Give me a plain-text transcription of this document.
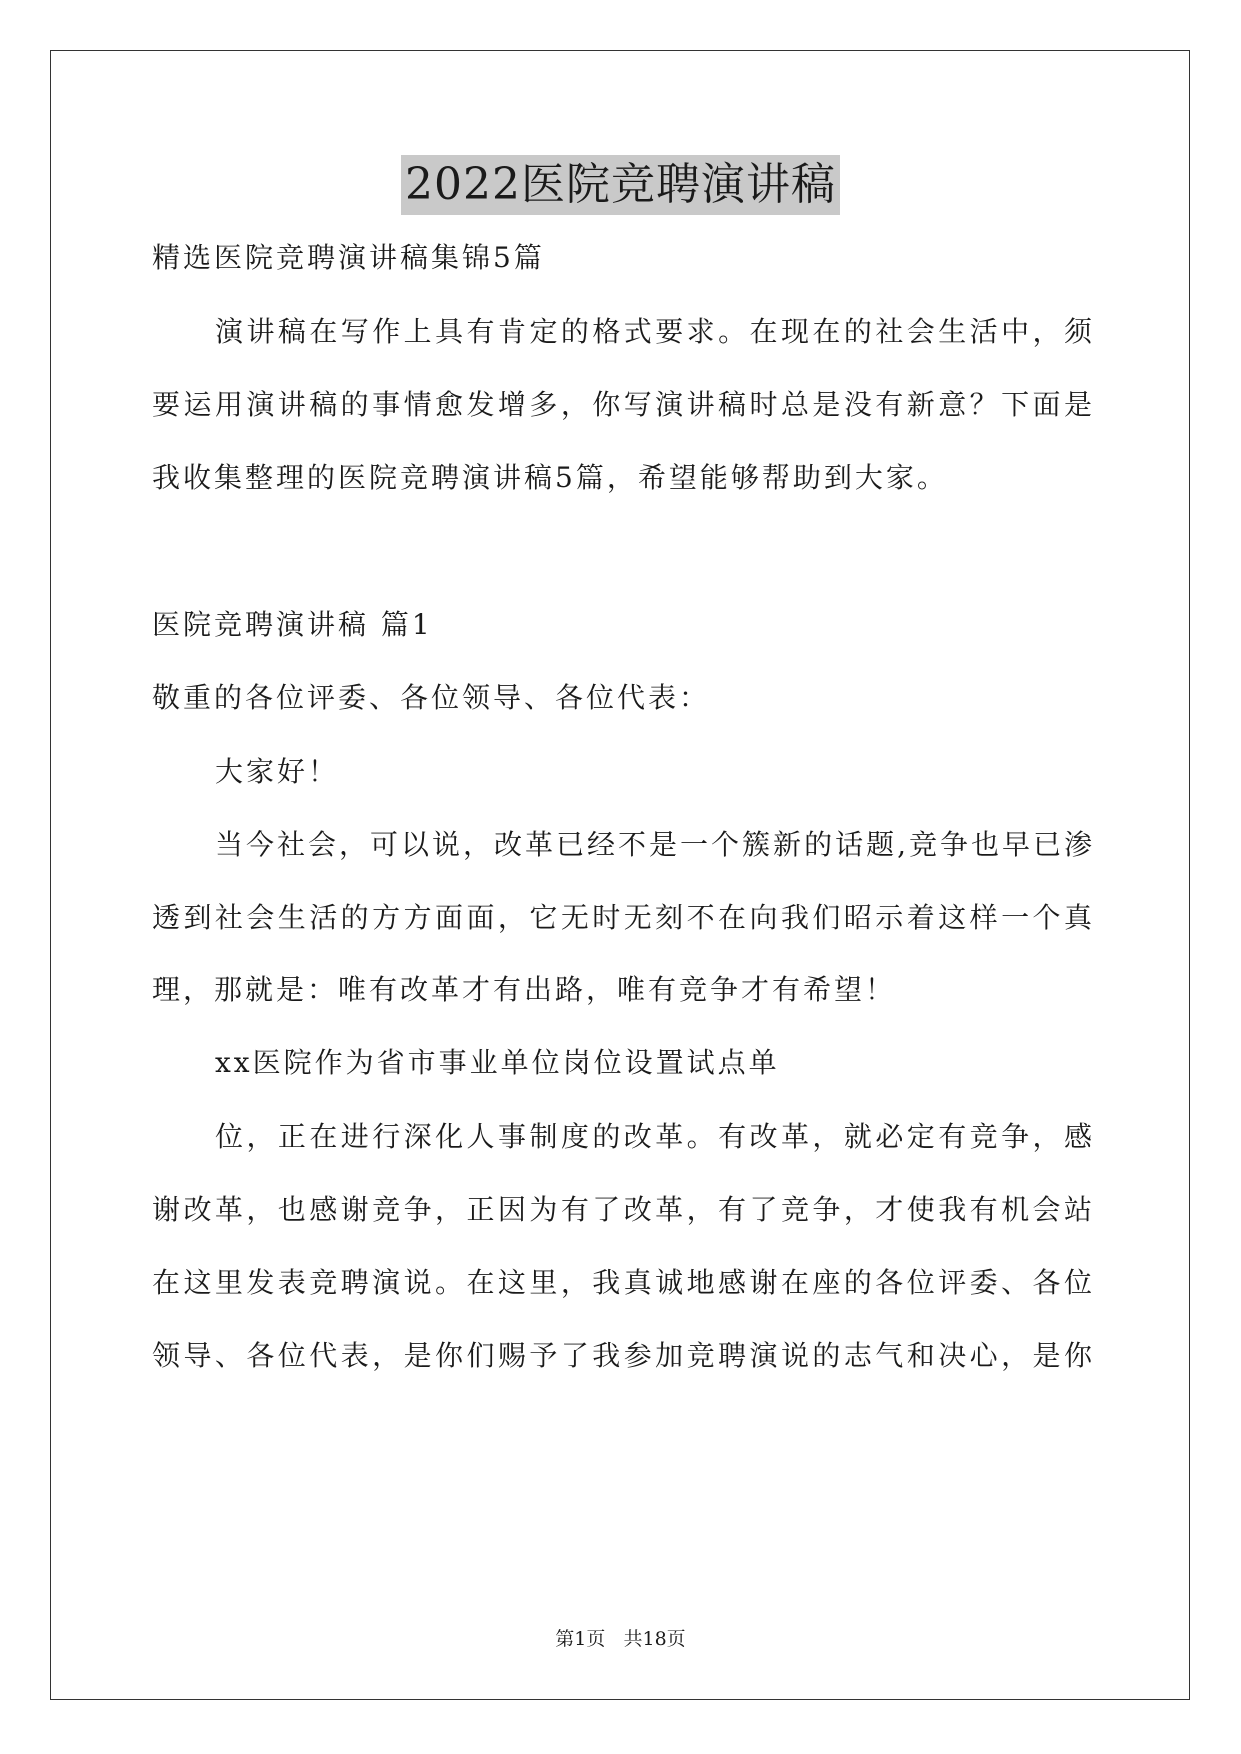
2022医院竞聘演讲稿
精选医院竞聘演讲稿集锦5篇
演讲稿在写作上具有肯定的格式要求。在现在的社会生活中，须
要运用演讲稿的事情愈发增多，你写演讲稿时总是没有新意？下面是
我收集整理的医院竞聘演讲稿5篇，希望能够帮助到大家。
医院竞聘演讲稿 篇1
敬重的各位评委、各位领导、各位代表：
大家好！
当今社会，可以说，改革已经不是一个簇新的话题,竞争也早已渗
透到社会生活的方方面面，它无时无刻不在向我们昭示着这样一个真
理，那就是：唯有改革才有出路，唯有竞争才有希望！
xx医院作为省市事业单位岗位设置试点单
位，正在进行深化人事制度的改革。有改革，就必定有竞争，感
谢改革，也感谢竞争，正因为有了改革，有了竞争，才使我有机会站
在这里发表竞聘演说。在这里，我真诚地感谢在座的各位评委、各位
领导、各位代表，是你们赐予了我参加竞聘演说的志气和决心，是你
第1页   共18页
